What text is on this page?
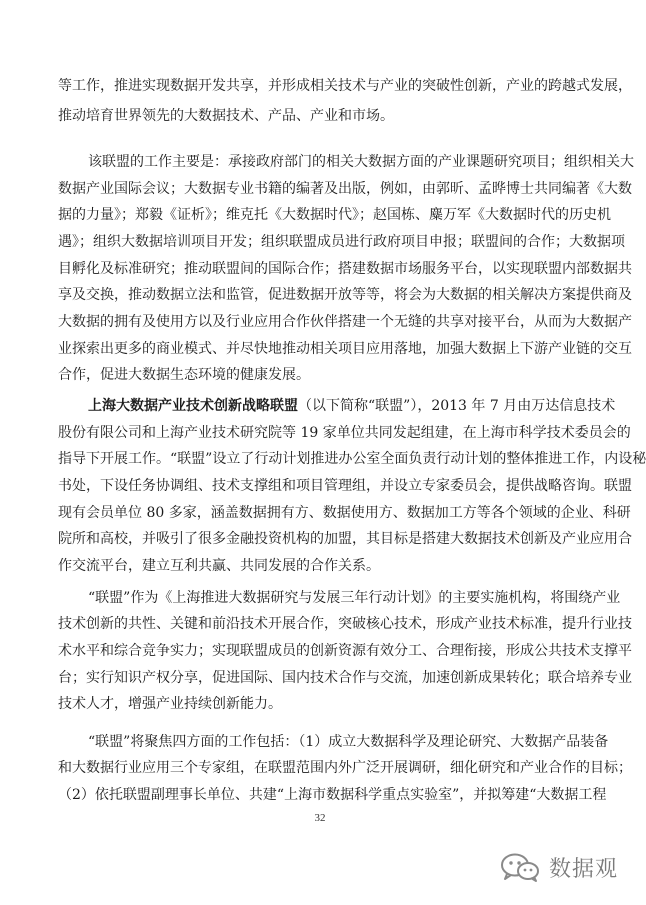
等工作，推进实现数据开发共享，并形成相关技术与产业的突破性创新，产业的跨越式发展，
推动培育世界领先的大数据技术、产品、产业和市场。
该联盟的工作主要是：承接政府部门的相关大数据方面的产业课题研究项目；组织相关大
数据产业国际会议；大数据专业书籍的编著及出版，例如，由郭昕、孟晔博士共同编著《大数
据的力量》；郑毅《证析》；维克托《大数据时代》；赵国栋、麋万军《大数据时代的历史机
遇》；组织大数据培训项目开发；组织联盟成员进行政府项目申报；联盟间的合作；大数据项
目孵化及标准研究；推动联盟间的国际合作；搭建数据市场服务平台，以实现联盟内部数据共
享及交换，推动数据立法和监管，促进数据开放等等，将会为大数据的相关解决方案提供商及
大数据的拥有及使用方以及行业应用合作伙伴搭建一个无缝的共享对接平台，从而为大数据产
业探索出更多的商业模式、并尽快地推动相关项目应用落地，加强大数据上下游产业链的交互
合作，促进大数据生态环境的健康发展。
上海大数据产业技术创新战略联盟（以下简称“联盟”），2013 年 7 月由万达信息技术
股份有限公司和上海产业技术研究院等 19 家单位共同发起组建，在上海市科学技术委员会的
指导下开展工作。“联盟”设立了行动计划推进办公室全面负责行动计划的整体推进工作，内设秘
书处，下设任务协调组、技术支撑组和项目管理组，并设立专家委员会，提供战略咨询。联盟
现有会员单位 80 多家，涵盖数据拥有方、数据使用方、数据加工方等各个领域的企业、科研
院所和高校，并吸引了很多金融投资机构的加盟，其目标是搭建大数据技术创新及产业应用合
作交流平台，建立互利共赢、共同发展的合作关系。
“联盟”作为《上海推进大数据研究与发展三年行动计划》的主要实施机构，将围绕产业
技术创新的共性、关键和前沿技术开展合作，突破核心技术，形成产业技术标准，提升行业技
术水平和综合竞争实力；实现联盟成员的创新资源有效分工、合理衔接，形成公共技术支撑平
台；实行知识产权分享，促进国际、国内技术合作与交流，加速创新成果转化；联合培养专业
技术人才，增强产业持续创新能力。
“联盟”将聚焦四方面的工作包括：（1）成立大数据科学及理论研究、大数据产品装备
和大数据行业应用三个专家组，在联盟范围内外广泛开展调研，细化研究和产业合作的目标；
（2）依托联盟副理事长单位、共建“上海市数据科学重点实验室”，并拟筹建“大数据工程
32
数据观
